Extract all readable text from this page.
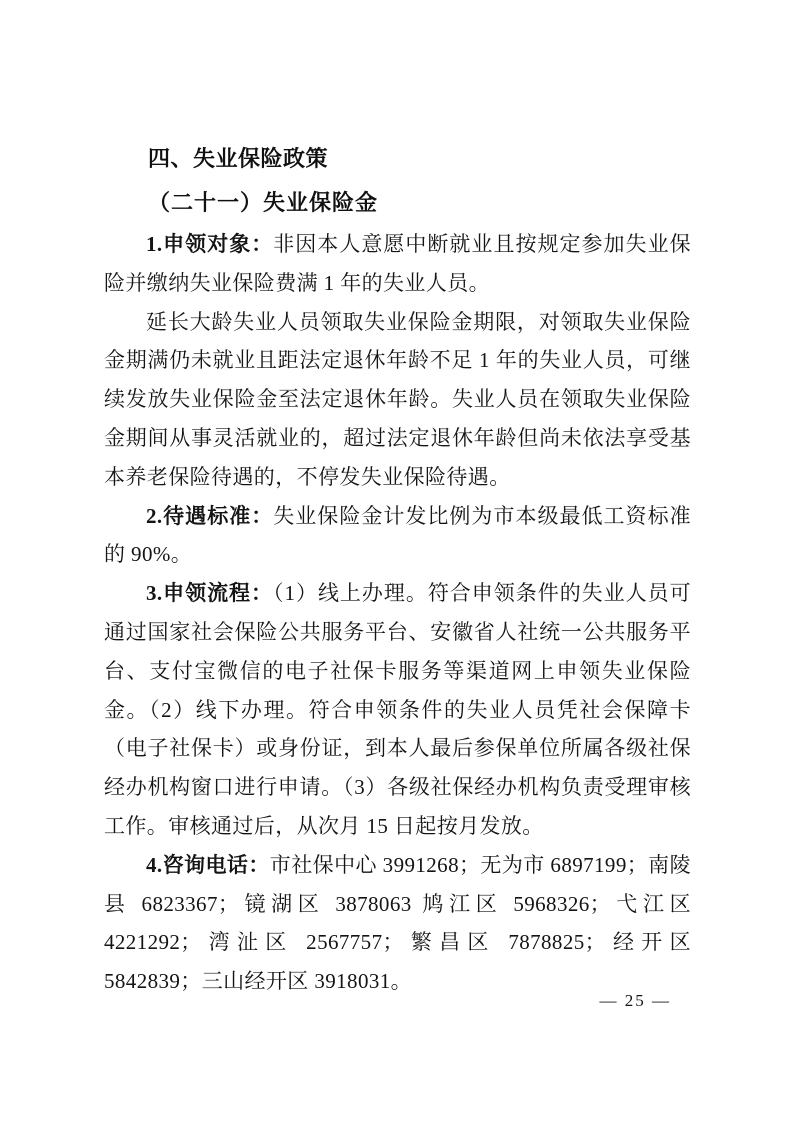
四、失业保险政策
（二十一）失业保险金

1.申领对象：非因本人意愿中断就业且按规定参加失业保险并缴纳失业保险费满 1 年的失业人员。

延长大龄失业人员领取失业保险金期限，对领取失业保险金期满仍未就业且距法定退休年龄不足 1 年的失业人员，可继续发放失业保险金至法定退休年龄。失业人员在领取失业保险金期间从事灵活就业的，超过法定退休年龄但尚未依法享受基本养老保险待遇的，不停发失业保险待遇。

2.待遇标准：失业保险金计发比例为市本级最低工资标准的 90%。

3.申领流程：（1）线上办理。符合申领条件的失业人员可通过国家社会保险公共服务平台、安徽省人社统一公共服务平台、支付宝微信的电子社保卡服务等渠道网上申领失业保险金。（2）线下办理。符合申领条件的失业人员凭社会保障卡（电子社保卡）或身份证，到本人最后参保单位所属各级社保经办机构窗口进行申请。（3）各级社保经办机构负责受理审核工作。审核通过后，从次月 15 日起按月发放。

4.咨询电话：市社保中心 3991268；无为市 6897199；南陵县 6823367；镜湖区 3878063 鸠江区 5968326；弋江区 4221292；湾沚区 2567757；繁昌区 7878825；经开区 5842839；三山经开区 3918031。

— 25 —
